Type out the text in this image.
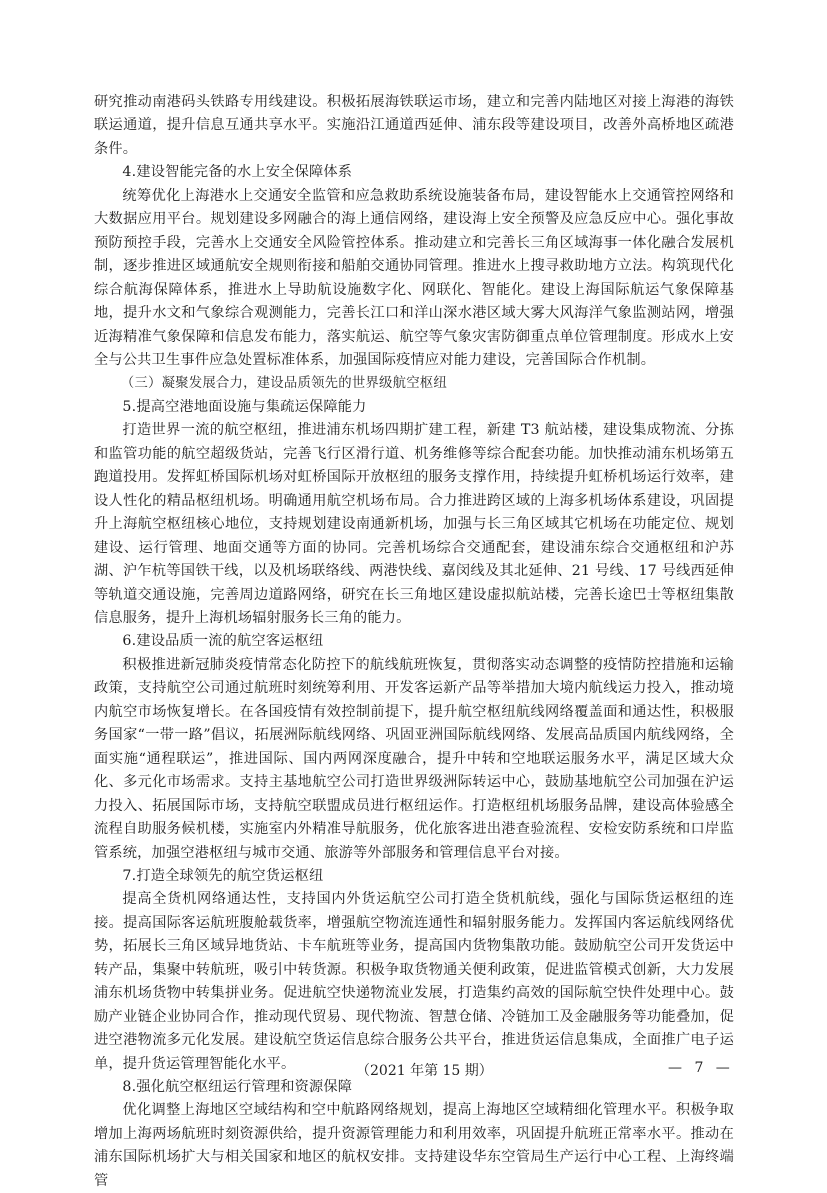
研究推动南港码头铁路专用线建设。积极拓展海铁联运市场，建立和完善内陆地区对接上海港的海铁联运通道，提升信息互通共享水平。实施沿江通道西延伸、浦东段等建设项目，改善外高桥地区疏港条件。

4.建设智能完备的水上安全保障体系

统筹优化上海港水上交通安全监管和应急救助系统设施装备布局，建设智能水上交通管控网络和大数据应用平台。规划建设多网融合的海上通信网络，建设海上安全预警及应急反应中心。强化事故预防预控手段，完善水上交通安全风险管控体系。推动建立和完善长三角区域海事一体化融合发展机制，逐步推进区域通航安全规则衔接和船舶交通协同管理。推进水上搜寻救助地方立法。构筑现代化综合航海保障体系，推进水上导助航设施数字化、网联化、智能化。建设上海国际航运气象保障基地，提升水文和气象综合观测能力，完善长江口和洋山深水港区域大雾大风海洋气象监测站网，增强近海精准气象保障和信息发布能力，落实航运、航空等气象灾害防御重点单位管理制度。形成水上安全与公共卫生事件应急处置标准体系，加强国际疫情应对能力建设，完善国际合作机制。

（三）凝聚发展合力，建设品质领先的世界级航空枢纽

5.提高空港地面设施与集疏运保障能力

打造世界一流的航空枢纽，推进浦东机场四期扩建工程，新建 T3 航站楼，建设集成物流、分拣和监管功能的航空超级货站，完善飞行区滑行道、机务维修等综合配套功能。加快推动浦东机场第五跑道投用。发挥虹桥国际机场对虹桥国际开放枢纽的服务支撑作用，持续提升虹桥机场运行效率，建设人性化的精品枢纽机场。明确通用航空机场布局。合力推进跨区域的上海多机场体系建设，巩固提升上海航空枢纽核心地位，支持规划建设南通新机场，加强与长三角区域其它机场在功能定位、规划建设、运行管理、地面交通等方面的协同。完善机场综合交通配套，建设浦东综合交通枢纽和沪苏湖、沪乍杭等国铁干线，以及机场联络线、两港快线、嘉闵线及其北延伸、21 号线、17 号线西延伸等轨道交通设施，完善周边道路网络，研究在长三角地区建设虚拟航站楼，完善长途巴士等枢纽集散信息服务，提升上海机场辐射服务长三角的能力。

6.建设品质一流的航空客运枢纽

积极推进新冠肺炎疫情常态化防控下的航线航班恢复，贯彻落实动态调整的疫情防控措施和运输政策，支持航空公司通过航班时刻统筹利用、开发客运新产品等举措加大境内航线运力投入，推动境内航空市场恢复增长。在各国疫情有效控制前提下，提升航空枢纽航线网络覆盖面和通达性，积极服务国家“一带一路”倡议，拓展洲际航线网络、巩固亚洲国际航线网络、发展高品质国内航线网络，全面实施“通程联运”，推进国际、国内两网深度融合，提升中转和空地联运服务水平，满足区域大众化、多元化市场需求。支持主基地航空公司打造世界级洲际转运中心，鼓励基地航空公司加强在沪运力投入、拓展国际市场，支持航空联盟成员进行枢纽运作。打造枢纽机场服务品牌，建设高体验感全流程自助服务候机楼，实施室内外精准导航服务，优化旅客进出港查验流程、安检安防系统和口岸监管系统，加强空港枢纽与城市交通、旅游等外部服务和管理信息平台对接。

7.打造全球领先的航空货运枢纽

提高全货机网络通达性，支持国内外货运航空公司打造全货机航线，强化与国际货运枢纽的连接。提高国际客运航班腹舱载货率，增强航空物流连通性和辐射服务能力。发挥国内客运航线网络优势，拓展长三角区域异地货站、卡车航班等业务，提高国内货物集散功能。鼓励航空公司开发货运中转产品，集聚中转航班，吸引中转货源。积极争取货物通关便利政策，促进监管模式创新，大力发展浦东机场货物中转集拼业务。促进航空快递物流业发展，打造集约高效的国际航空快件处理中心。鼓励产业链企业协同合作，推动现代贸易、现代物流、智慧仓储、冷链加工及金融服务等功能叠加，促进空港物流多元化发展。建设航空货运信息综合服务公共平台，推进货运信息集成，全面推广电子运单，提升货运管理智能化水平。

8.强化航空枢纽运行管理和资源保障

优化调整上海地区空域结构和空中航路网络规划，提高上海地区空域精细化管理水平。积极争取增加上海两场航班时刻资源供给，提升资源管理能力和利用效率，巩固提升航班正常率水平。推动在浦东国际机场扩大与相关国家和地区的航权安排。支持建设华东空管局生产运行中心工程、上海终端管

（2021 年第 15 期）	— 7 —
